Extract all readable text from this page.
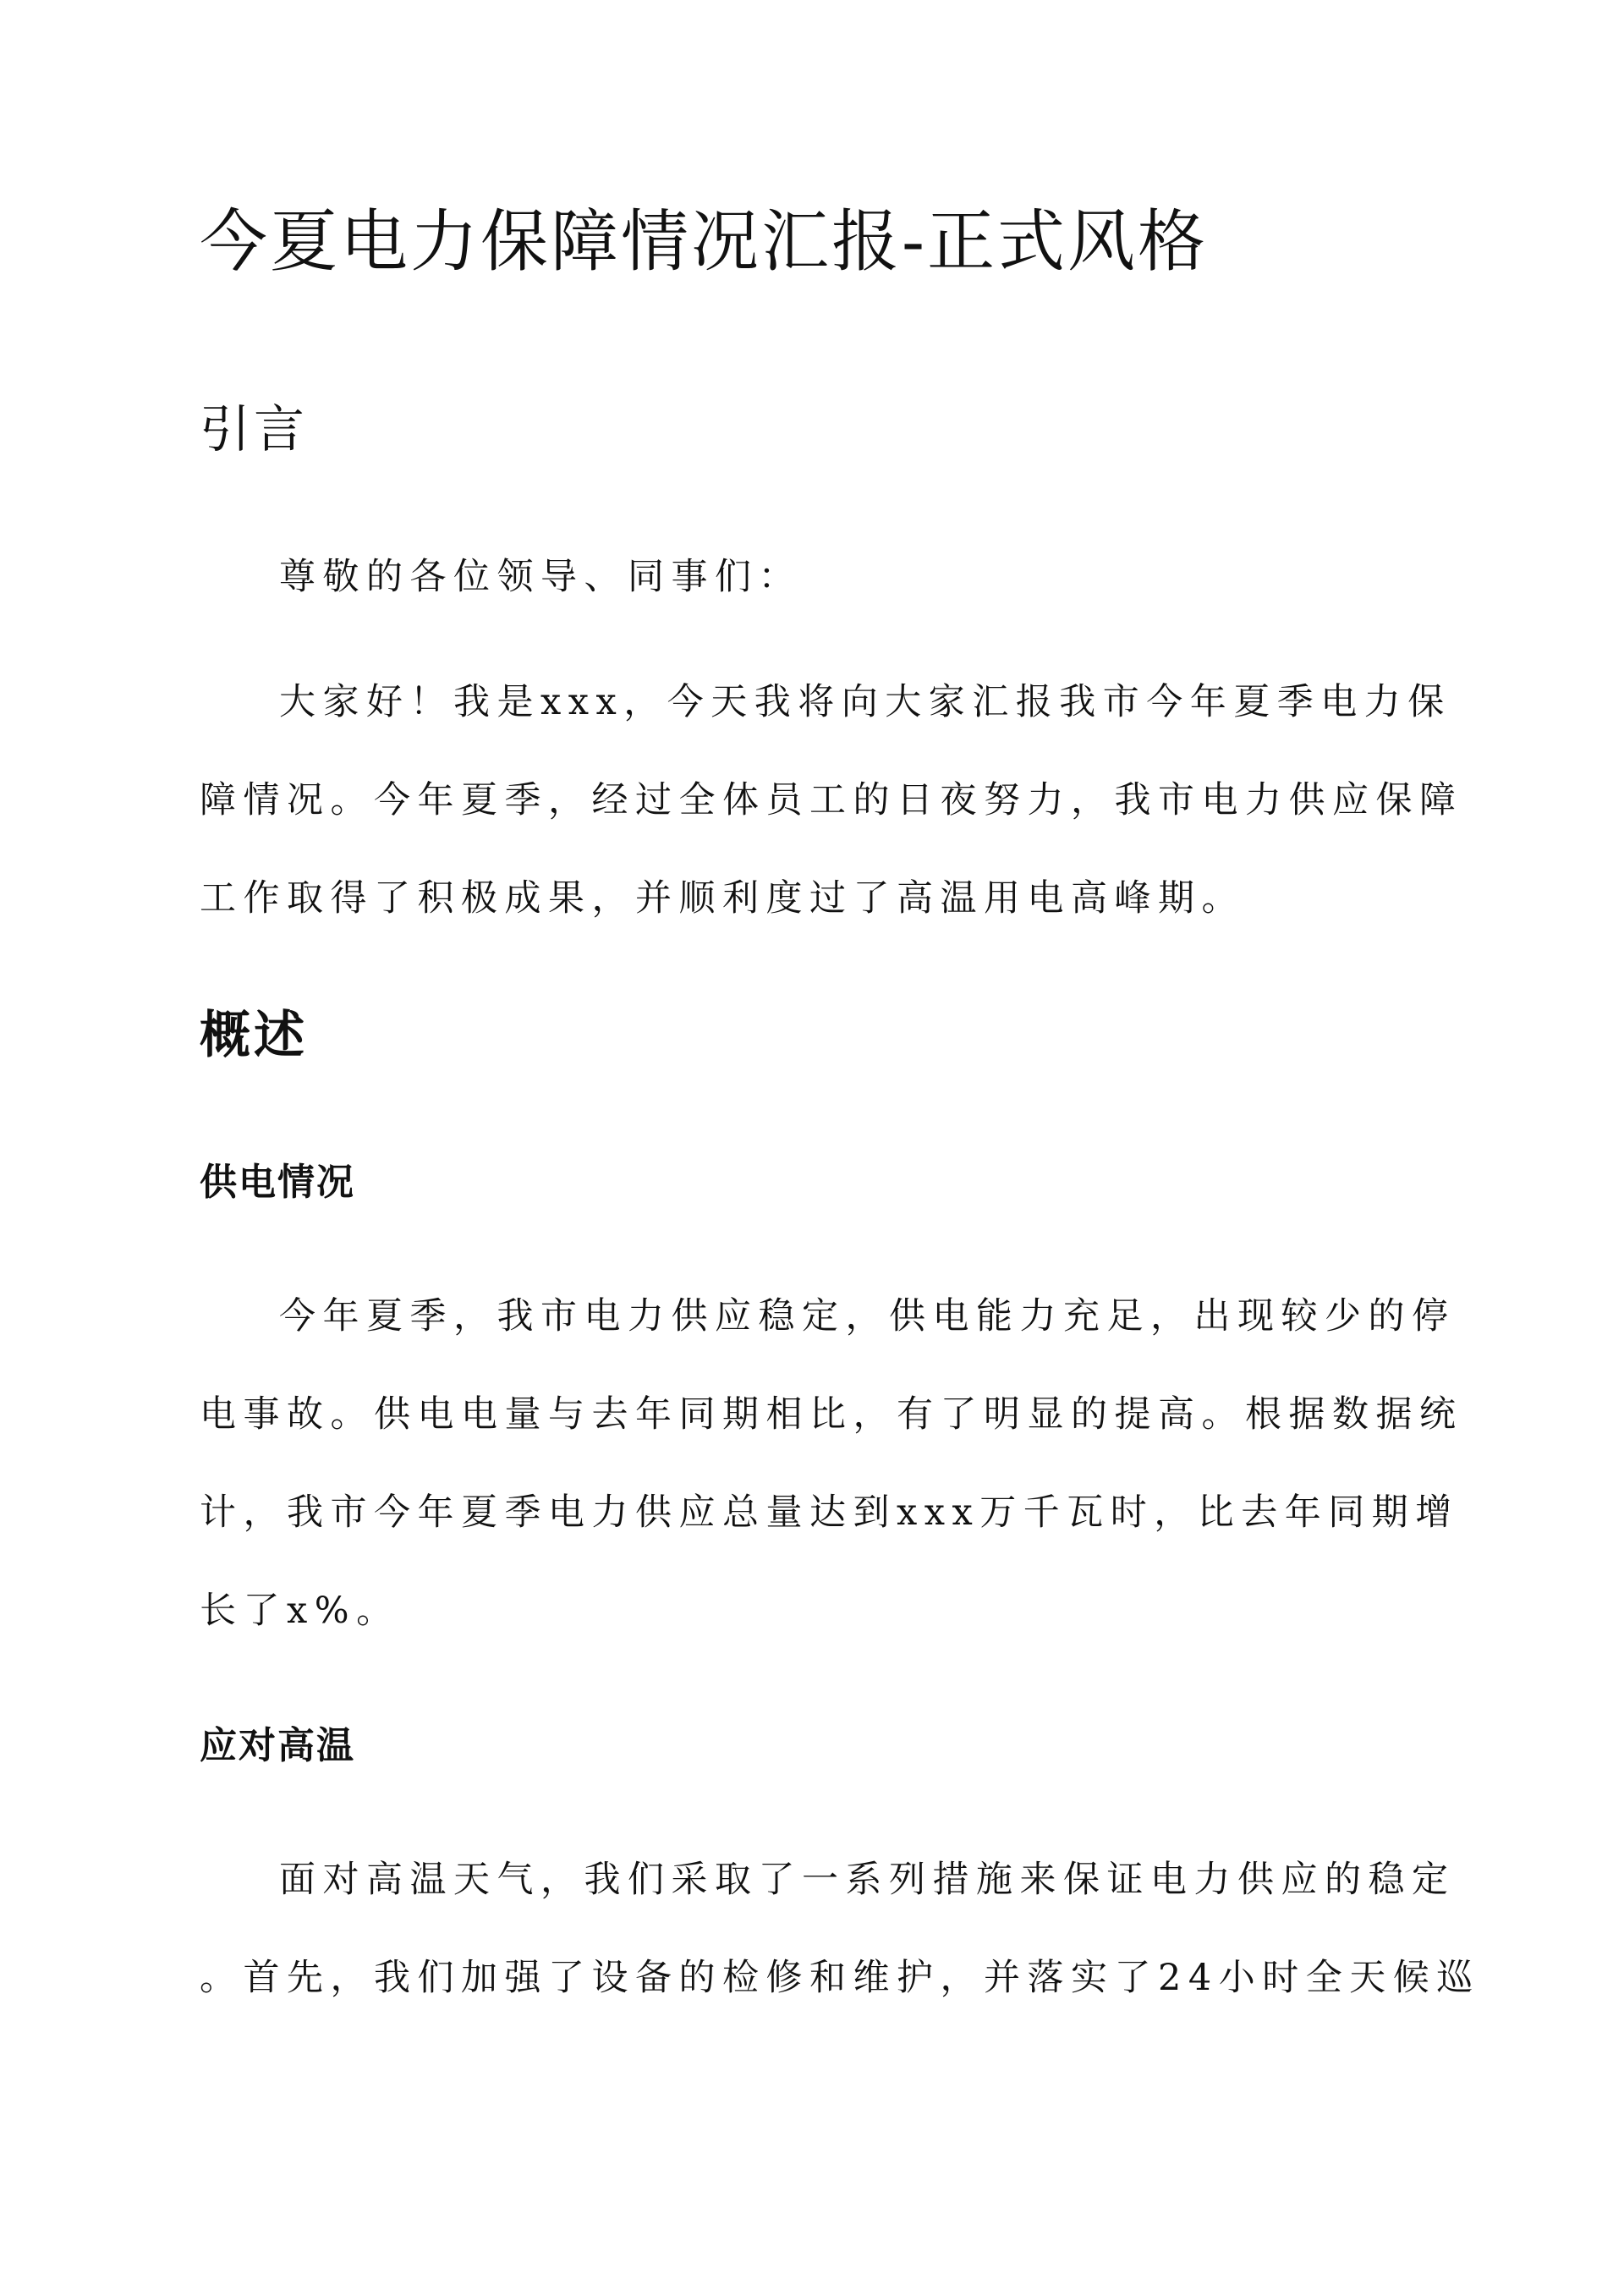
今夏电力保障情况汇报-正式风格
引言

尊敬的各位领导、同事们：

大家好！我是xxx，今天我将向大家汇报我市今年夏季电力保
障情况。今年夏季，经过全体员工的日夜努力，我市电力供应保障
工作取得了积极成果，并顺利度过了高温用电高峰期。

概述
供电情况

今年夏季，我市电力供应稳定，供电能力充足，出现较少的停
电事故。供电电量与去年同期相比，有了明显的提高。根据数据统
计，我市今年夏季电力供应总量达到xxx万千瓦时，比去年同期增
长了x%。

应对高温

面对高温天气，我们采取了一系列措施来保证电力供应的稳定
。首先，我们加强了设备的检修和维护，并落实了24小时全天候巡
